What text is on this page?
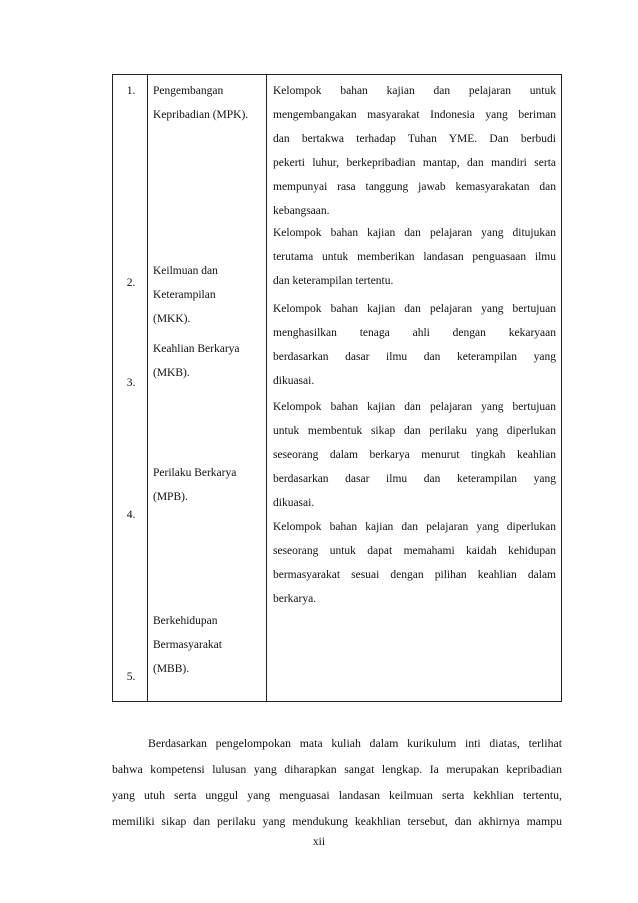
1.
2.
3.
4.
5.
Pengembangan
Kepribadian (MPK).
Keilmuan dan
Keterampilan
(MKK).
Keahlian Berkarya
(MKB).
Perilaku Berkarya
(MPB).
Berkehidupan
Bermasyarakat
(MBB).

Kelompok bahan kajian dan pelajaran untuk

mengembangakan masyarakat Indonesia yang beriman

dan bertakwa terhadap Tuhan YME. Dan berbudi

pekerti luhur, berkepribadian mantap, dan mandiri serta

mempunyai rasa tanggung jawab kemasyarakatan dan

kebangsaan.

Kelompok bahan kajian dan pelajaran yang ditujukan

terutama untuk memberikan landasan penguasaan ilmu

dan keterampilan tertentu.

Kelompok bahan kajian dan pelajaran yang bertujuan

menghasilkan tenaga ahli dengan kekaryaan

berdasarkan dasar ilmu dan keterampilan yang

dikuasai.

Kelompok bahan kajian dan pelajaran yang bertujuan

untuk membentuk sikap dan perilaku yang diperlukan

seseorang dalam berkarya menurut tingkah keahlian

berdasarkan dasar ilmu dan keterampilan yang

dikuasai.

Kelompok bahan kajian dan pelajaran yang diperlukan

seseorang untuk dapat memahami kaidah kehidupan

bermasyarakat sesuai dengan pilihan keahlian dalam

berkarya.

Berdasarkan pengelompokan mata kuliah dalam kurikulum inti diatas, terlihat

bahwa kompetensi lulusan yang diharapkan sangat lengkap. Ia merupakan kepribadian

yang utuh serta unggul yang menguasai landasan keilmuan serta kekhlian tertentu,

memiliki sikap dan perilaku yang mendukung keakhlian tersebut, dan akhirnya mampu

xii
